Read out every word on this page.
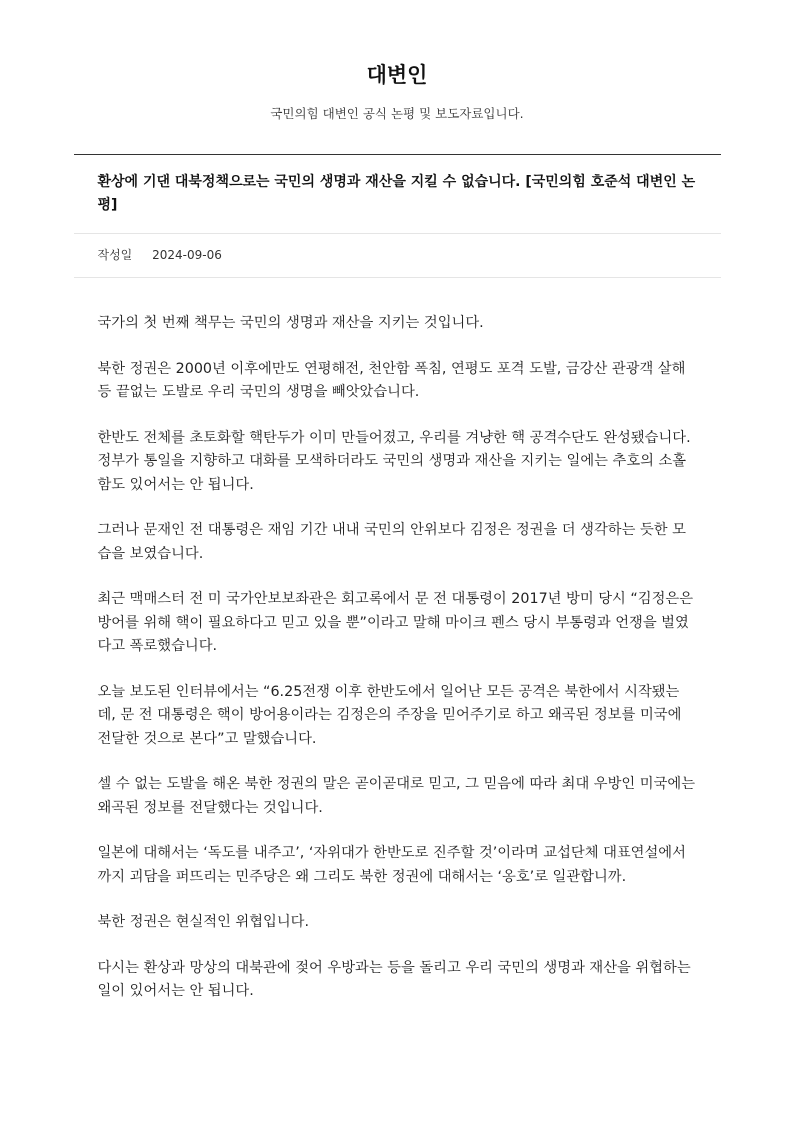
대변인

국민의힘 대변인 공식 논평 및 보도자료입니다.

환상에 기댄 대북정책으로는 국민의 생명과 재산을 지킬 수 없습니다. [국민의힘 호준석 대변인 논평]
작성일 2024-09-06

국가의 첫 번째 책무는 국민의 생명과 재산을 지키는 것입니다.

북한 정권은 2000년 이후에만도 연평해전, 천안함 폭침, 연평도 포격 도발, 금강산 관광객 살해 등 끝없는 도발로 우리 국민의 생명을 빼앗았습니다.

한반도 전체를 초토화할 핵탄두가 이미 만들어졌고, 우리를 겨냥한 핵 공격수단도 완성됐습니다.
정부가 통일을 지향하고 대화를 모색하더라도 국민의 생명과 재산을 지키는 일에는 추호의 소홀함도 있어서는 안 됩니다.

그러나 문재인 전 대통령은 재임 기간 내내 국민의 안위보다 김정은 정권을 더 생각하는 듯한 모습을 보였습니다.

최근 맥매스터 전 미 국가안보보좌관은 회고록에서 문 전 대통령이 2017년 방미 당시 “김정은은 방어를 위해 핵이 필요하다고 믿고 있을 뿐”이라고 말해 마이크 펜스 당시 부통령과 언쟁을 벌였다고 폭로했습니다.

오늘 보도된 인터뷰에서는 “6.25전쟁 이후 한반도에서 일어난 모든 공격은 북한에서 시작됐는데, 문 전 대통령은 핵이 방어용이라는 김정은의 주장을 믿어주기로 하고 왜곡된 정보를 미국에 전달한 것으로 본다”고 말했습니다.

셀 수 없는 도발을 해온 북한 정권의 말은 곧이곧대로 믿고, 그 믿음에 따라 최대 우방인 미국에는 왜곡된 정보를 전달했다는 것입니다.

일본에 대해서는 ‘독도를 내주고’, ‘자위대가 한반도로 진주할 것’이라며 교섭단체 대표연설에서까지 괴담을 퍼뜨리는 민주당은 왜 그리도 북한 정권에 대해서는 ‘옹호’로 일관합니까.

북한 정권은 현실적인 위협입니다.

다시는 환상과 망상의 대북관에 젖어 우방과는 등을 돌리고 우리 국민의 생명과 재산을 위협하는 일이 있어서는 안 됩니다.
